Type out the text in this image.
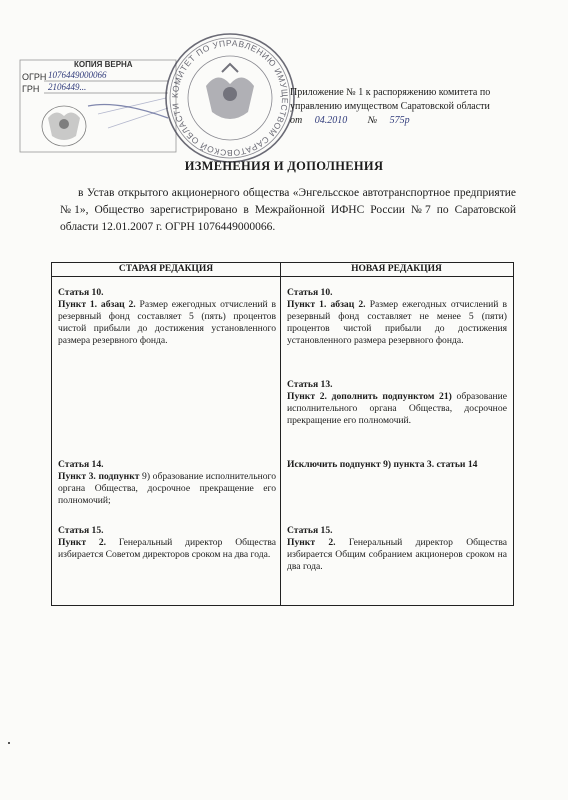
КОПИЯ ВЕРНА
ОГРН
ГРН
1076449000066
2106449...
КОМИТЕТ ПО УПРАВЛЕНИЮ ИМУЩЕСТВОМ САРАТОВСКОЙ ОБЛАСТИ
Приложение № 1 к распоряжению комитета по
управлению имуществом Саратовской области
от 04.2010 № 575р
ИЗМЕНЕНИЯ И ДОПОЛНЕНИЯ
в Устав открытого акционерного общества «Энгельсское автотранспортное предприятие №1», Общество зарегистрировано в Межрайонной ИФНС России №7 по Саратовской области 12.01.2007 г. ОГРН 1076449000066.
СТАРАЯ РЕДАКЦИЯ	НОВАЯ РЕДАКЦИЯ
Статья 10.
Пункт 1. абзац 2. Размер ежегодных отчислений в резервный фонд составляет 5 (пять) процентов чистой прибыли до достижения установленного размера резервного фонда.
Статья 10.
Пункт 1. абзац 2. Размер ежегодных отчислений в резервный фонд составляет не менее 5 (пяти) процентов чистой прибыли до достижения установленного размера резервного фонда.
Статья 13.
Пункт 2. дополнить подпунктом 21) образование исполнительного органа Общества, досрочное прекращение его полномочий.
Статья 14.
Пункт 3. подпункт 9) образование исполнительного органа Общества, досрочное прекращение его полномочий;
Исключить подпункт 9) пункта 3. статьи 14
Статья 15.
Пункт 2. Генеральный директор Общества избирается Советом директоров сроком на два года.
Статья 15.
Пункт 2. Генеральный директор Общества избирается Общим собранием акционеров сроком на два года.
